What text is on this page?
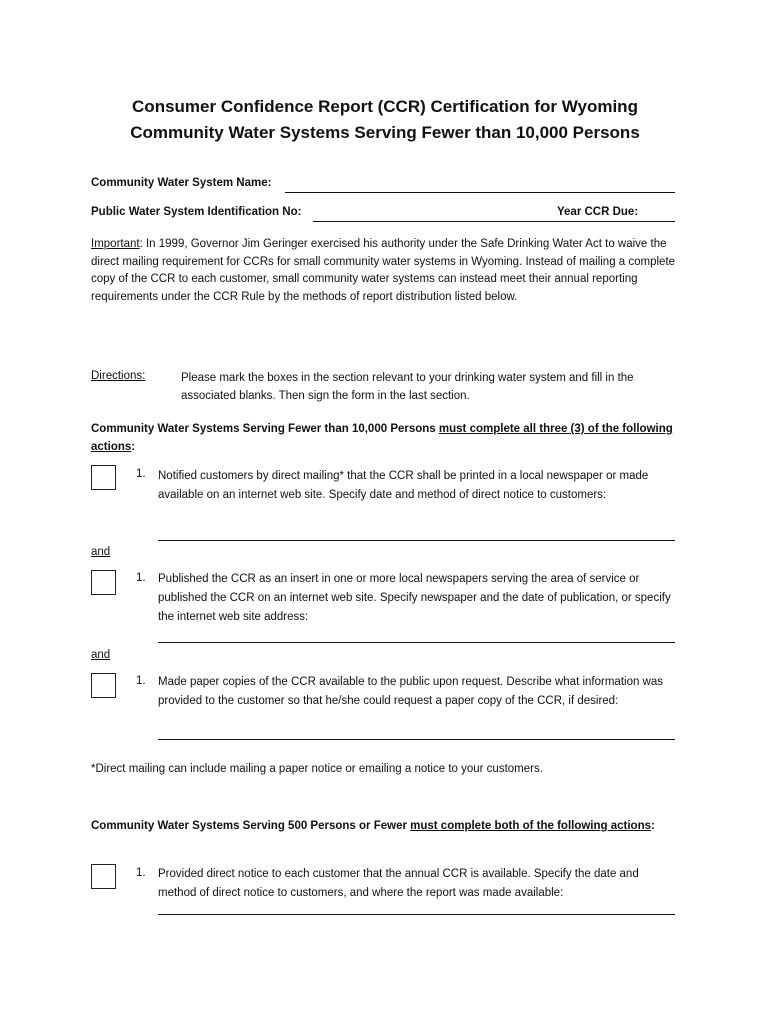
Consumer Confidence Report (CCR) Certification for Wyoming
Community Water Systems Serving Fewer than 10,000 Persons
Community Water System Name:
Public Water System Identification No:	Year CCR Due:
Important: In 1999, Governor Jim Geringer exercised his authority under the Safe Drinking Water Act to waive the direct mailing requirement for CCRs for small community water systems in Wyoming. Instead of mailing a complete copy of the CCR to each customer, small community water systems can instead meet their annual reporting requirements under the CCR Rule by the methods of report distribution listed below.
Directions:	Please mark the boxes in the section relevant to your drinking water system and fill in the associated blanks. Then sign the form in the last section.
Community Water Systems Serving Fewer than 10,000 Persons must complete all three (3) of the following actions:
1. Notified customers by direct mailing* that the CCR shall be printed in a local newspaper or made available on an internet web site. Specify date and method of direct notice to customers:
and
1. Published the CCR as an insert in one or more local newspapers serving the area of service or published the CCR on an internet web site. Specify newspaper and the date of publication, or specify the internet web site address:
and
1. Made paper copies of the CCR available to the public upon request. Describe what information was provided to the customer so that he/she could request a paper copy of the CCR, if desired:
*Direct mailing can include mailing a paper notice or emailing a notice to your customers.
Community Water Systems Serving 500 Persons or Fewer must complete both of the following actions:
1. Provided direct notice to each customer that the annual CCR is available. Specify the date and method of direct notice to customers, and where the report was made available:
